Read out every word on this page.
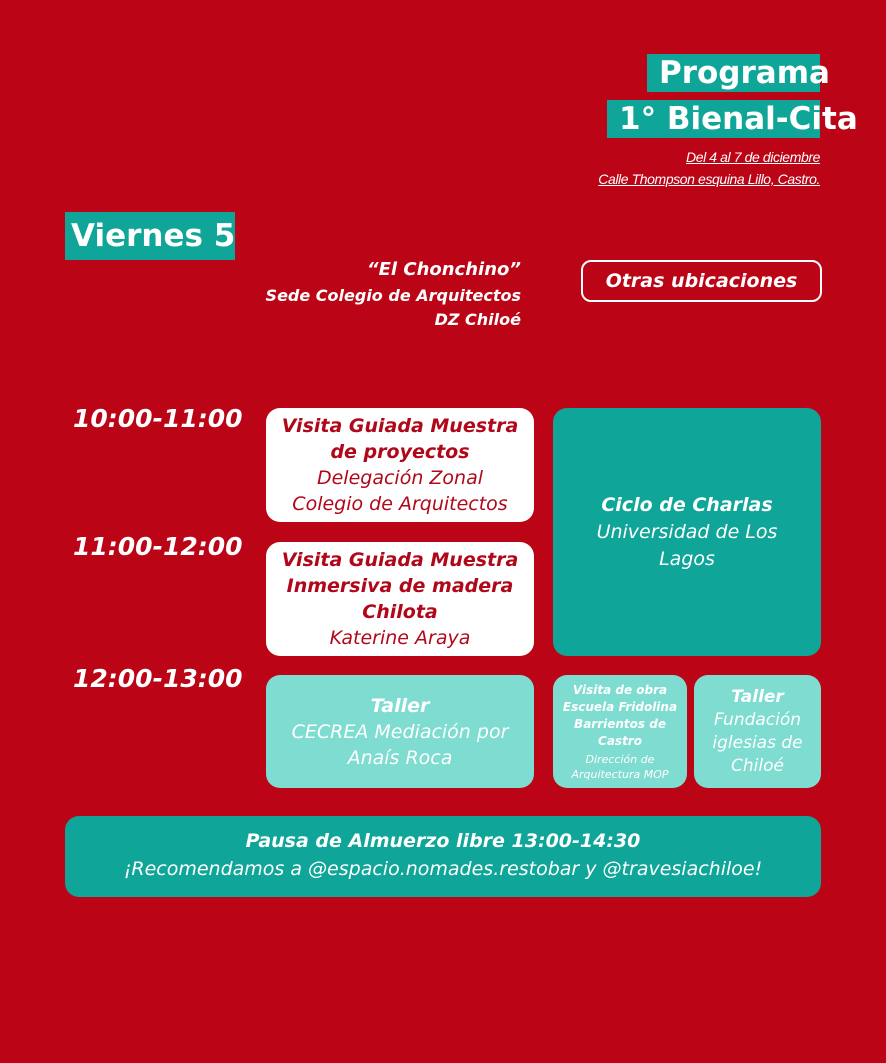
Programa
1° Bienal-Cita
Del 4 al 7 de diciembre
Calle Thompson esquina Lillo, Castro.
Viernes 5
“El Chonchino”
Sede Colegio de Arquitectos
DZ Chiloé
Otras ubicaciones
10:00-11:00
11:00-12:00
12:00-13:00
Visita Guiada Muestra
de proyectos
Delegación Zonal
Colegio de Arquitectos
Visita Guiada Muestra
Inmersiva de madera
Chilota
Katerine Araya
Ciclo de Charlas
Universidad de Los Lagos
Taller
CECREA Mediación por Anaís Roca
Visita de obra Escuela Fridolina Barrientos de Castro
Dirección de Arquitectura MOP
Taller
Fundación iglesias de Chiloé
Pausa de Almuerzo libre 13:00-14:30
¡Recomendamos a @espacio.nomades.restobar y @travesiachiloe!
